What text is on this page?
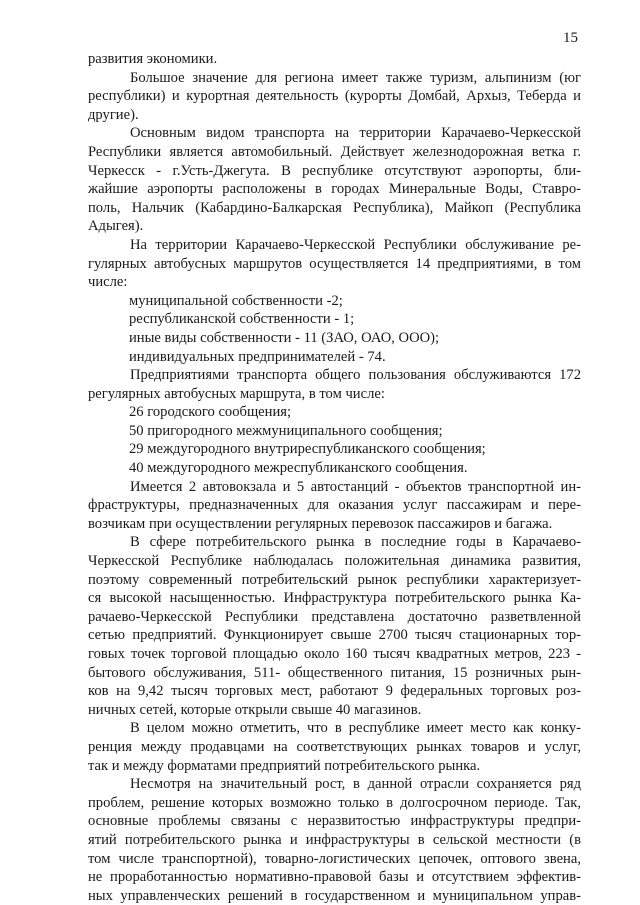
15
развития экономики.
Большое значение для региона имеет также туризм, альпинизм (юг
республики) и курортная деятельность (курорты Домбай, Архыз, Теберда и
другие).
Основным видом транспорта на территории Карачаево-Черкесской
Республики является автомобильный. Действует железнодорожная ветка г.
Черкесск - г.Усть-Джегута. В республике отсутствуют аэропорты, бли-
жайшие аэропорты расположены в городах Минеральные Воды, Ставро-
поль, Нальчик (Кабардино-Балкарская Республика), Майкоп (Республика
Адыгея).
На территории Карачаево-Черкесской Республики обслуживание ре-
гулярных автобусных маршрутов осуществляется 14 предприятиями, в том
числе:
муниципальной собственности -2;
республиканской собственности - 1;
иные виды собственности - 11 (ЗАО, ОАО, ООО);
индивидуальных предпринимателей - 74.
Предприятиями транспорта общего пользования обслуживаются 172
регулярных автобусных маршрута, в том числе:
26 городского сообщения;
50 пригородного межмуниципального сообщения;
29 междугородного внутриреспубликанского сообщения;
40 междугородного межреспубликанского сообщения.
Имеется 2 автовокзала и 5 автостанций - объектов транспортной ин-
фраструктуры, предназначенных для оказания услуг пассажирам и пере-
возчикам при осуществлении регулярных перевозок пассажиров и багажа.
В сфере потребительского рынка в последние годы в Карачаево-
Черкесской Республике наблюдалась положительная динамика развития,
поэтому современный потребительский рынок республики характеризует-
ся высокой насыщенностью. Инфраструктура потребительского рынка Ка-
рачаево-Черкесской Республики представлена достаточно разветвленной
сетью предприятий. Функционирует свыше 2700 тысяч стационарных тор-
говых точек торговой площадью около 160 тысяч квадратных метров, 223 -
бытового обслуживания, 511- общественного питания, 15 розничных рын-
ков на 9,42 тысяч торговых мест, работают 9 федеральных торговых роз-
ничных сетей, которые открыли свыше 40 магазинов.
В целом можно отметить, что в республике имеет место как конку-
ренция между продавцами на соответствующих рынках товаров и услуг,
так и между форматами предприятий потребительского рынка.
Несмотря на значительный рост, в данной отрасли сохраняется ряд
проблем, решение которых возможно только в долгосрочном периоде. Так,
основные проблемы связаны с неразвитостью инфраструктуры предпри-
ятий потребительского рынка и инфраструктуры в сельской местности (в
том числе транспортной), товарно-логистических цепочек, оптового звена,
не проработанностью нормативно-правовой базы и отсутствием эффектив-
ных управленческих решений в государственном и муниципальном управ-
